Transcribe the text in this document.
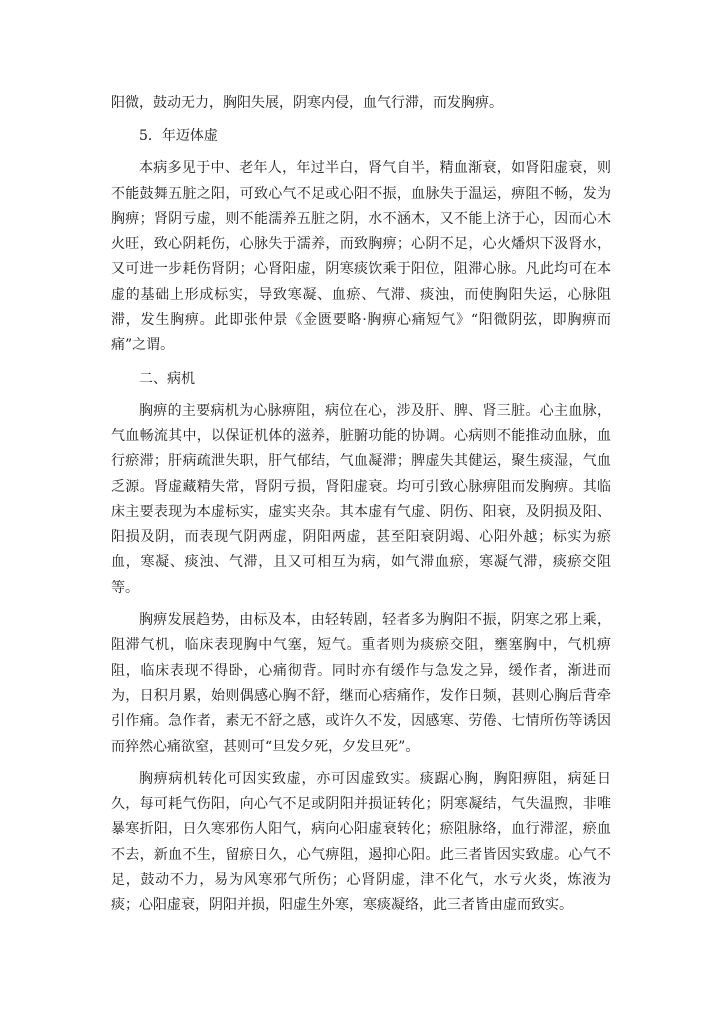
阳微，鼓动无力，胸阳失展，阴寒内侵，血气行滞，而发胸痹。

5．年迈体虚

本病多见于中、老年人，年过半白，肾气自半，精血渐衰，如肾阳虚衰，则不能鼓舞五脏之阳，可致心气不足或心阳不振，血脉失于温运，痹阻不畅，发为胸痹；肾阴亏虚，则不能濡养五脏之阴，水不涵木，又不能上济于心，因而心木火旺，致心阴耗伤，心脉失于濡养，而致胸痹；心阴不足，心火燔炽下汲肾水，又可进一步耗伤肾阴；心肾阳虚，阴寒痰饮乘于阳位，阻滞心脉。凡此均可在本虚的基础上形成标实，导致寒凝、血瘀、气滞、痰浊，而使胸阳失运，心脉阻滞，发生胸痹。此即张仲景《金匮要略·胸痹心痛短气》“阳微阴弦，即胸痹而痛”之谓。

二、病机

胸痹的主要病机为心脉痹阻，病位在心，涉及肝、脾、肾三脏。心主血脉，气血畅流其中，以保证机体的滋养，脏腑功能的协调。心病则不能推动血脉，血行瘀滞；肝病疏泄失职，肝气郁结，气血凝滞；脾虚失其健运，聚生痰湿，气血乏源。肾虚藏精失常，肾阴亏损，肾阳虚衰。均可引致心脉痹阻而发胸痹。其临床主要表现为本虚标实，虚实夹杂。其本虚有气虚、阴伤、阳衰，及阴损及阳、阳损及阴，而表现气阴两虚，阴阳两虚，甚至阳衰阴竭、心阳外越；标实为瘀血，寒凝、痰浊、气滞，且又可相互为病，如气滞血瘀，寒凝气滞，痰瘀交阻等。

胸痹发展趋势，由标及本，由轻转剧，轻者多为胸阳不振，阴寒之邪上乘，阻滞气机，临床表现胸中气塞，短气。重者则为痰瘀交阻，壅塞胸中，气机痹阻，临床表现不得卧，心痛彻背。同时亦有缓作与急发之异，缓作者，渐进而为，日积月累，始则偶感心胸不舒，继而心痞痛作，发作日频，甚则心胸后背牵引作痛。急作者，素无不舒之感，或许久不发，因感寒、劳倦、七情所伤等诱因而猝然心痛欲窒，甚则可“旦发夕死，夕发旦死”。

胸痹病机转化可因实致虚，亦可因虚致实。痰踞心胸，胸阳痹阻，病延日久，每可耗气伤阳，向心气不足或阴阳并损证转化；阴寒凝结，气失温煦，非唯暴寒折阳，日久寒邪伤人阳气，病向心阳虚衰转化；瘀阻脉络，血行滞涩，瘀血不去，新血不生，留瘀日久，心气痹阻，遏抑心阳。此三者皆因实致虚。心气不足，鼓动不力，易为风寒邪气所伤；心肾阴虚，津不化气，水亏火炎，炼液为痰；心阳虚衰，阴阳并损，阳虚生外寒，寒痰凝络，此三者皆由虚而致实。
